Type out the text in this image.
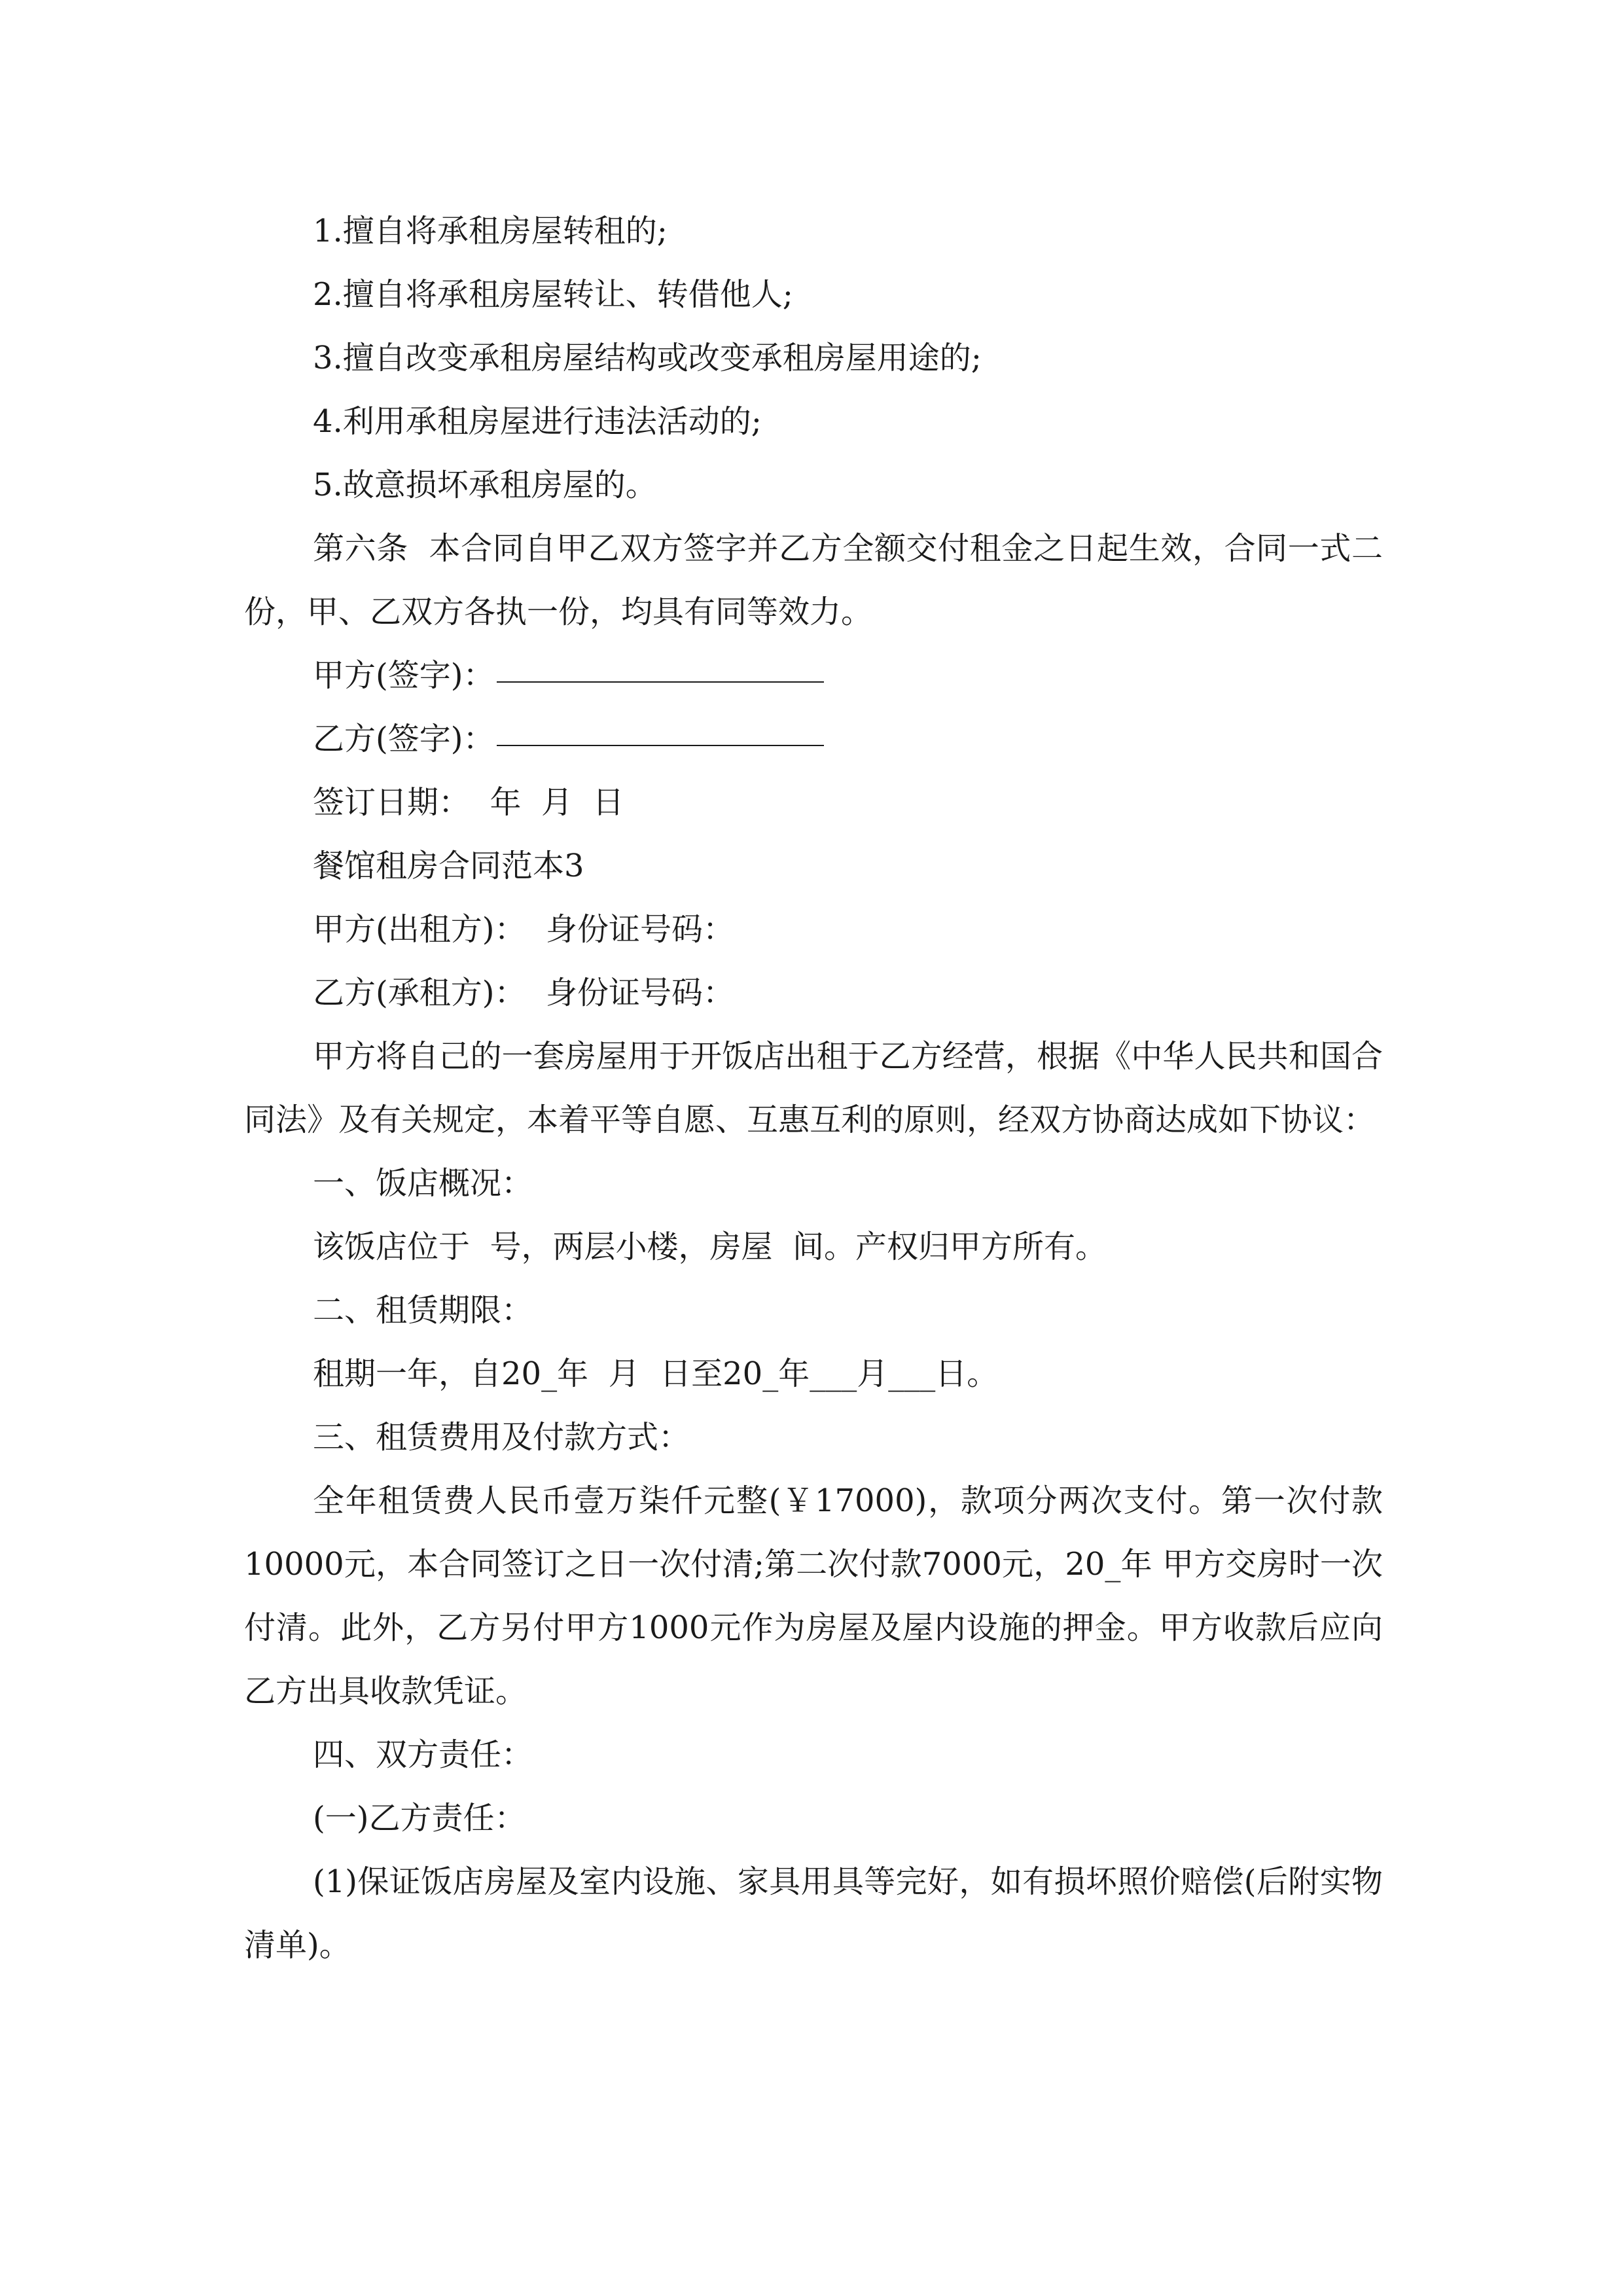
1.擅自将承租房屋转租的;

2.擅自将承租房屋转让、转借他人;

3.擅自改变承租房屋结构或改变承租房屋用途的;

4.利用承租房屋进行违法活动的;

5.故意损坏承租房屋的。

第六条  本合同自甲乙双方签字并乙方全额交付租金之日起生效，合同一式二份，甲、乙双方各执一份，均具有同等效力。

甲方(签字)：

乙方(签字)：

签订日期：  年  月  日

餐馆租房合同范本3

甲方(出租方)：  身份证号码：

乙方(承租方)：  身份证号码：

甲方将自己的一套房屋用于开饭店出租于乙方经营，根据《中华人民共和国合同法》及有关规定，本着平等自愿、互惠互利的原则，经双方协商达成如下协议：

一、饭店概况：

该饭店位于  号，两层小楼，房屋  间。产权归甲方所有。

二、租赁期限：

租期一年，自20_年  月  日至20_年___月___日。

三、租赁费用及付款方式：

全年租赁费人民币壹万柒仟元整(￥17000)，款项分两次支付。第一次付款10000元，本合同签订之日一次付清;第二次付款7000元，20_年 甲方交房时一次付清。此外，乙方另付甲方1000元作为房屋及屋内设施的押金。甲方收款后应向乙方出具收款凭证。

四、双方责任：

(一)乙方责任：

(1)保证饭店房屋及室内设施、家具用具等完好，如有损坏照价赔偿(后附实物清单)。
